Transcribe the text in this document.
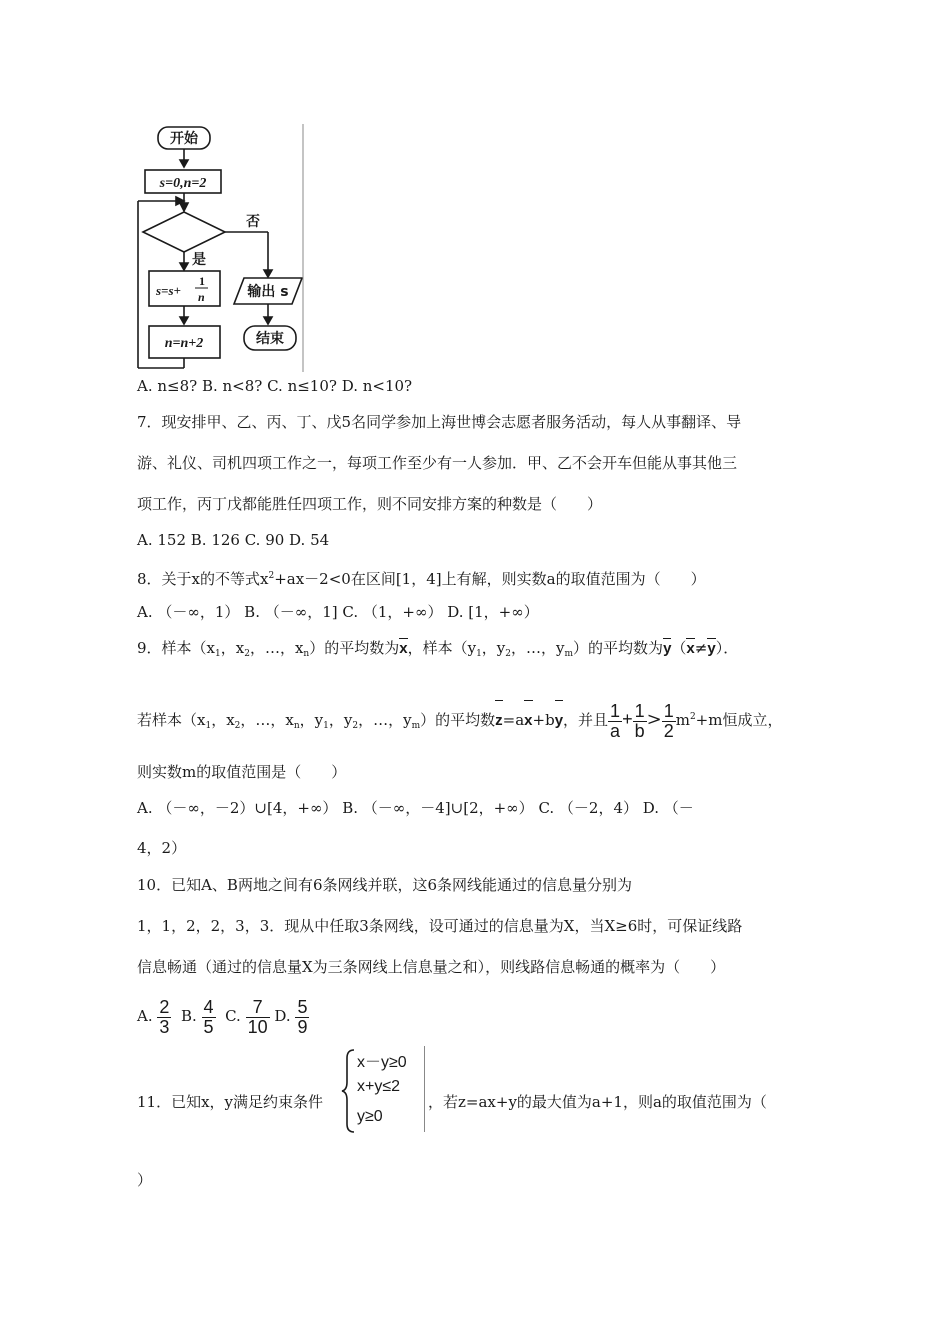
开始
s=0,n=2
否
是
s=s+
1
n
n=n+2
输出 s
结束
A. n≤8? B. n<8? C. n≤10? D. n<10?
7．现安排甲、乙、丙、丁、戊5名同学参加上海世博会志愿者服务活动，每人从事翻译、导
游、礼仪、司机四项工作之一，每项工作至少有一人参加．甲、乙不会开车但能从事其他三
项工作，丙丁戊都能胜任四项工作，则不同安排方案的种数是（　　）
A. 152 B. 126 C. 90 D. 54
8．关于x的不等式$x^2+ax-2<0$在区间[1，4]上有解，则实数a的取值范围为（　　）
A. （－∞，1） B. （－∞，1] C. （1，+∞） D. [1，+∞）
9．样本（$x_1$，$x_2$，…，$x_n$）的平均数为x，样本（$y_1$，$y_2$，…，$y_m$）的平均数为y（x≠y）．
若样本（$x_1$，$x_2$，…，$x_n$，$y_1$，$y_2$，…，$y_m$）的平均数z=ax+by，并且 $\frac{1}{a} + \frac{1}{b} > \frac{1}{2} m^2+m$恒成立，
则实数m的取值范围是（　　）
A. （－∞，－2）∪[4，+∞） B. （－∞，－4]∪[2，+∞） C. （－2，4） D. （－
4，2）
10．已知A、B两地之间有6条网线并联，这6条网线能通过的信息量分别为
1，1，2，2，3，3．现从中任取3条网线，设可通过的信息量为X，当X≥6时，可保证线路
信息畅通（通过的信息量X为三条网线上信息量之和），则线路信息畅通的概率为（　　）
A. $\frac{2}{3} B$. $\frac{4}{5} C$. $\frac{7}{10} D$. $\frac{5}{9}$
11．已知x，y满足约束条件
x－y≥0
x+y≤2
y≥0
，若z=ax+y的最大值为a+1，则a的取值范围为（
）
